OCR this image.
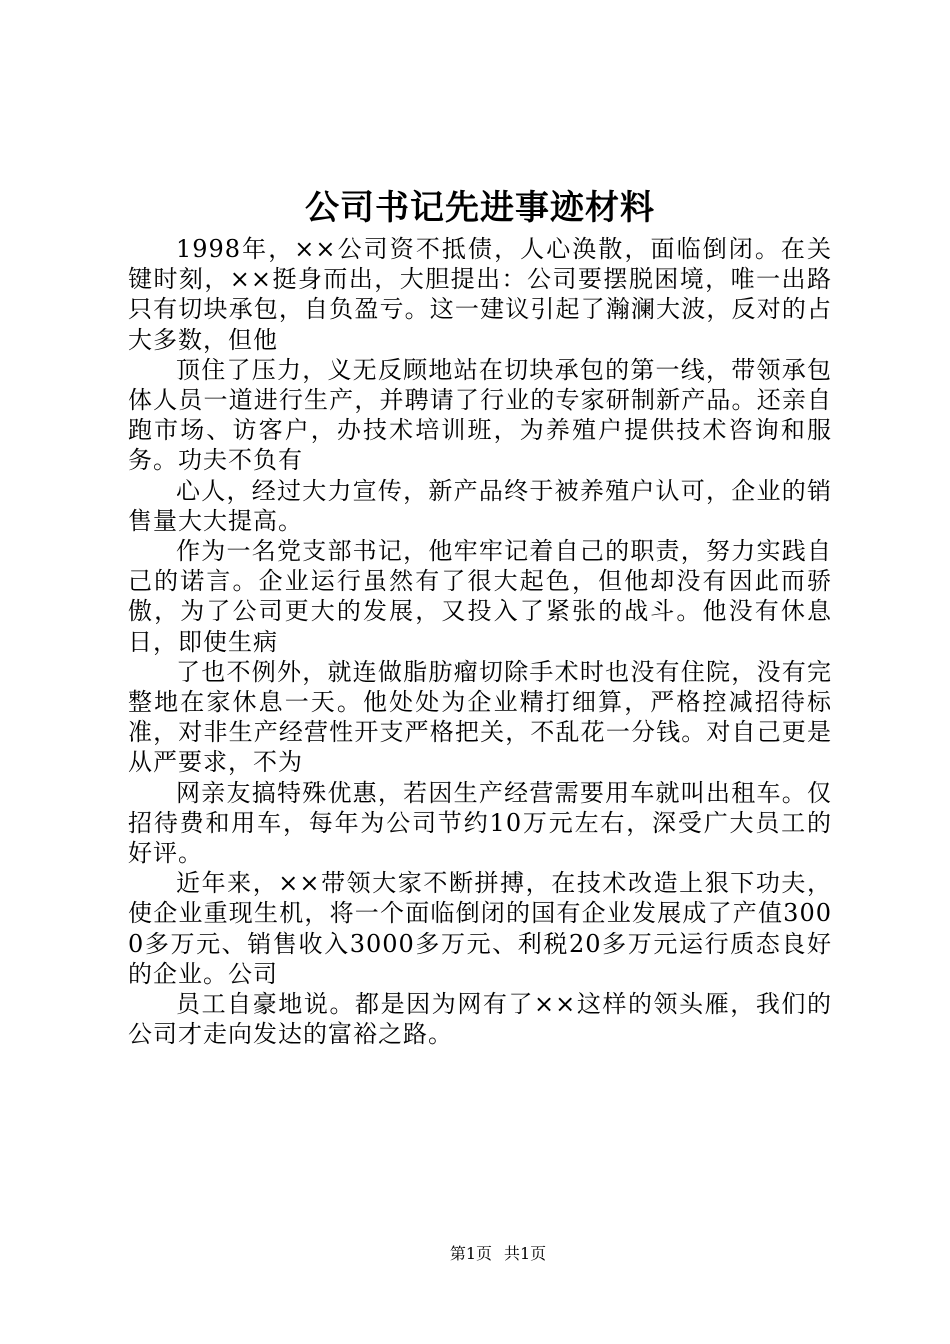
公司书记先进事迹材料

1998年，××公司资不抵债，人心涣散，面临倒闭。在关键时刻，××挺身而出，大胆提出：公司要摆脱困境，唯一出路只有切块承包，自负盈亏。这一建议引起了瀚澜大波，反对的占大多数，但他

顶住了压力，义无反顾地站在切块承包的第一线，带领承包体人员一道进行生产，并聘请了行业的专家研制新产品。还亲自跑市场、访客户，办技术培训班，为养殖户提供技术咨询和服务。功夫不负有

心人，经过大力宣传，新产品终于被养殖户认可，企业的销售量大大提高。

作为一名党支部书记，他牢牢记着自己的职责，努力实践自己的诺言。企业运行虽然有了很大起色，但他却没有因此而骄傲，为了公司更大的发展，又投入了紧张的战斗。他没有休息日，即使生病

了也不例外，就连做脂肪瘤切除手术时也没有住院，没有完整地在家休息一天。他处处为企业精打细算，严格控减招待标准，对非生产经营性开支严格把关，不乱花一分钱。对自己更是从严要求，不为

网亲友搞特殊优惠，若因生产经营需要用车就叫出租车。仅招待费和用车，每年为公司节约10万元左右，深受广大员工的好评。

近年来，××带领大家不断拼搏，在技术改造上狠下功夫，使企业重现生机，将一个面临倒闭的国有企业发展成了产值3000多万元、销售收入3000多万元、利税20多万元运行质态良好的企业。公司

员工自豪地说。都是因为网有了××这样的领头雁，我们的公司才走向发达的富裕之路。

第1页 共1页
